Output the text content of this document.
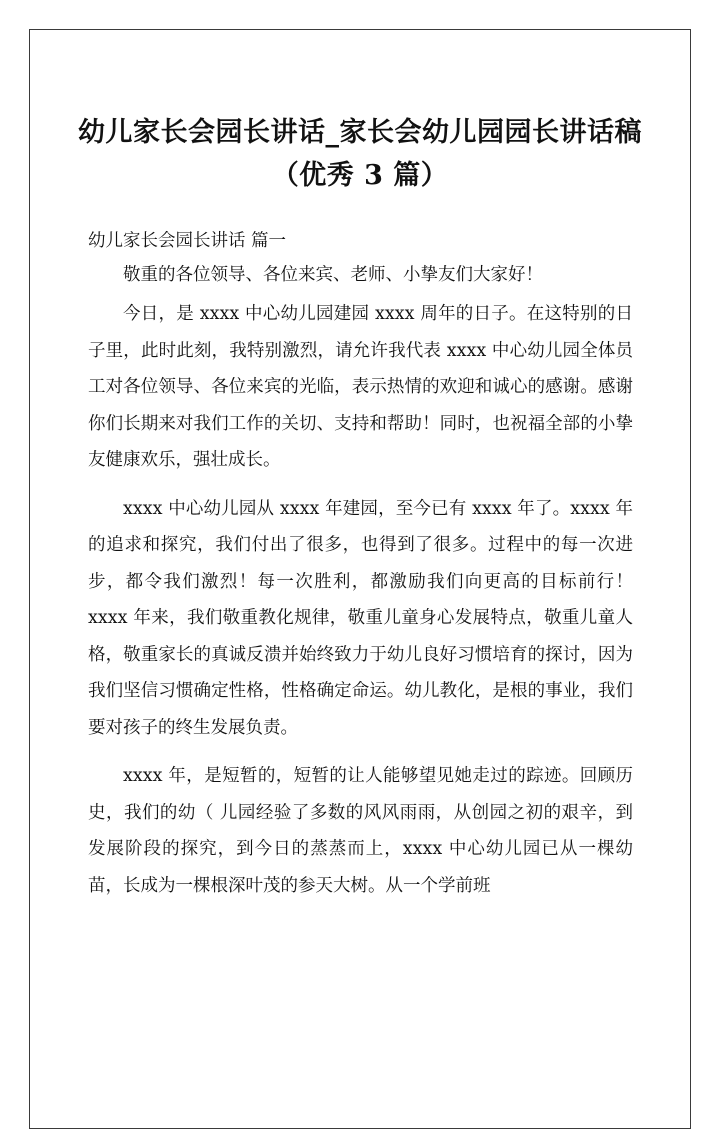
幼儿家长会园长讲话_家长会幼儿园园长讲话稿
（优秀 3 篇）
幼儿家长会园长讲话 篇一

敬重的各位领导、各位来宾、老师、小挚友们大家好！

今日，是 xxxx 中心幼儿园建园 xxxx 周年的日子。在这特别的日子里，此时此刻，我特别激烈，请允许我代表 xxxx 中心幼儿园全体员工对各位领导、各位来宾的光临，表示热情的欢迎和诚心的感谢。感谢你们长期来对我们工作的关切、支持和帮助！同时，也祝福全部的小挚友健康欢乐，强壮成长。

xxxx 中心幼儿园从 xxxx 年建园，至今已有 xxxx 年了。xxxx 年的追求和探究，我们付出了很多，也得到了很多。过程中的每一次进步，都令我们激烈！每一次胜利，都激励我们向更高的目标前行！xxxx 年来，我们敬重教化规律，敬重儿童身心发展特点，敬重儿童人格，敬重家长的真诚反溃并始终致力于幼儿良好习惯培育的探讨，因为我们坚信习惯确定性格，性格确定命运。幼儿教化，是根的事业，我们要对孩子的终生发展负责。

xxxx 年，是短暂的，短暂的让人能够望见她走过的踪迹。回顾历史，我们的幼（ 儿园经验了多数的风风雨雨，从创园之初的艰辛，到发展阶段的探究，到今日的蒸蒸而上，xxxx 中心幼儿园已从一棵幼苗，长成为一棵根深叶茂的参天大树。从一个学前班
